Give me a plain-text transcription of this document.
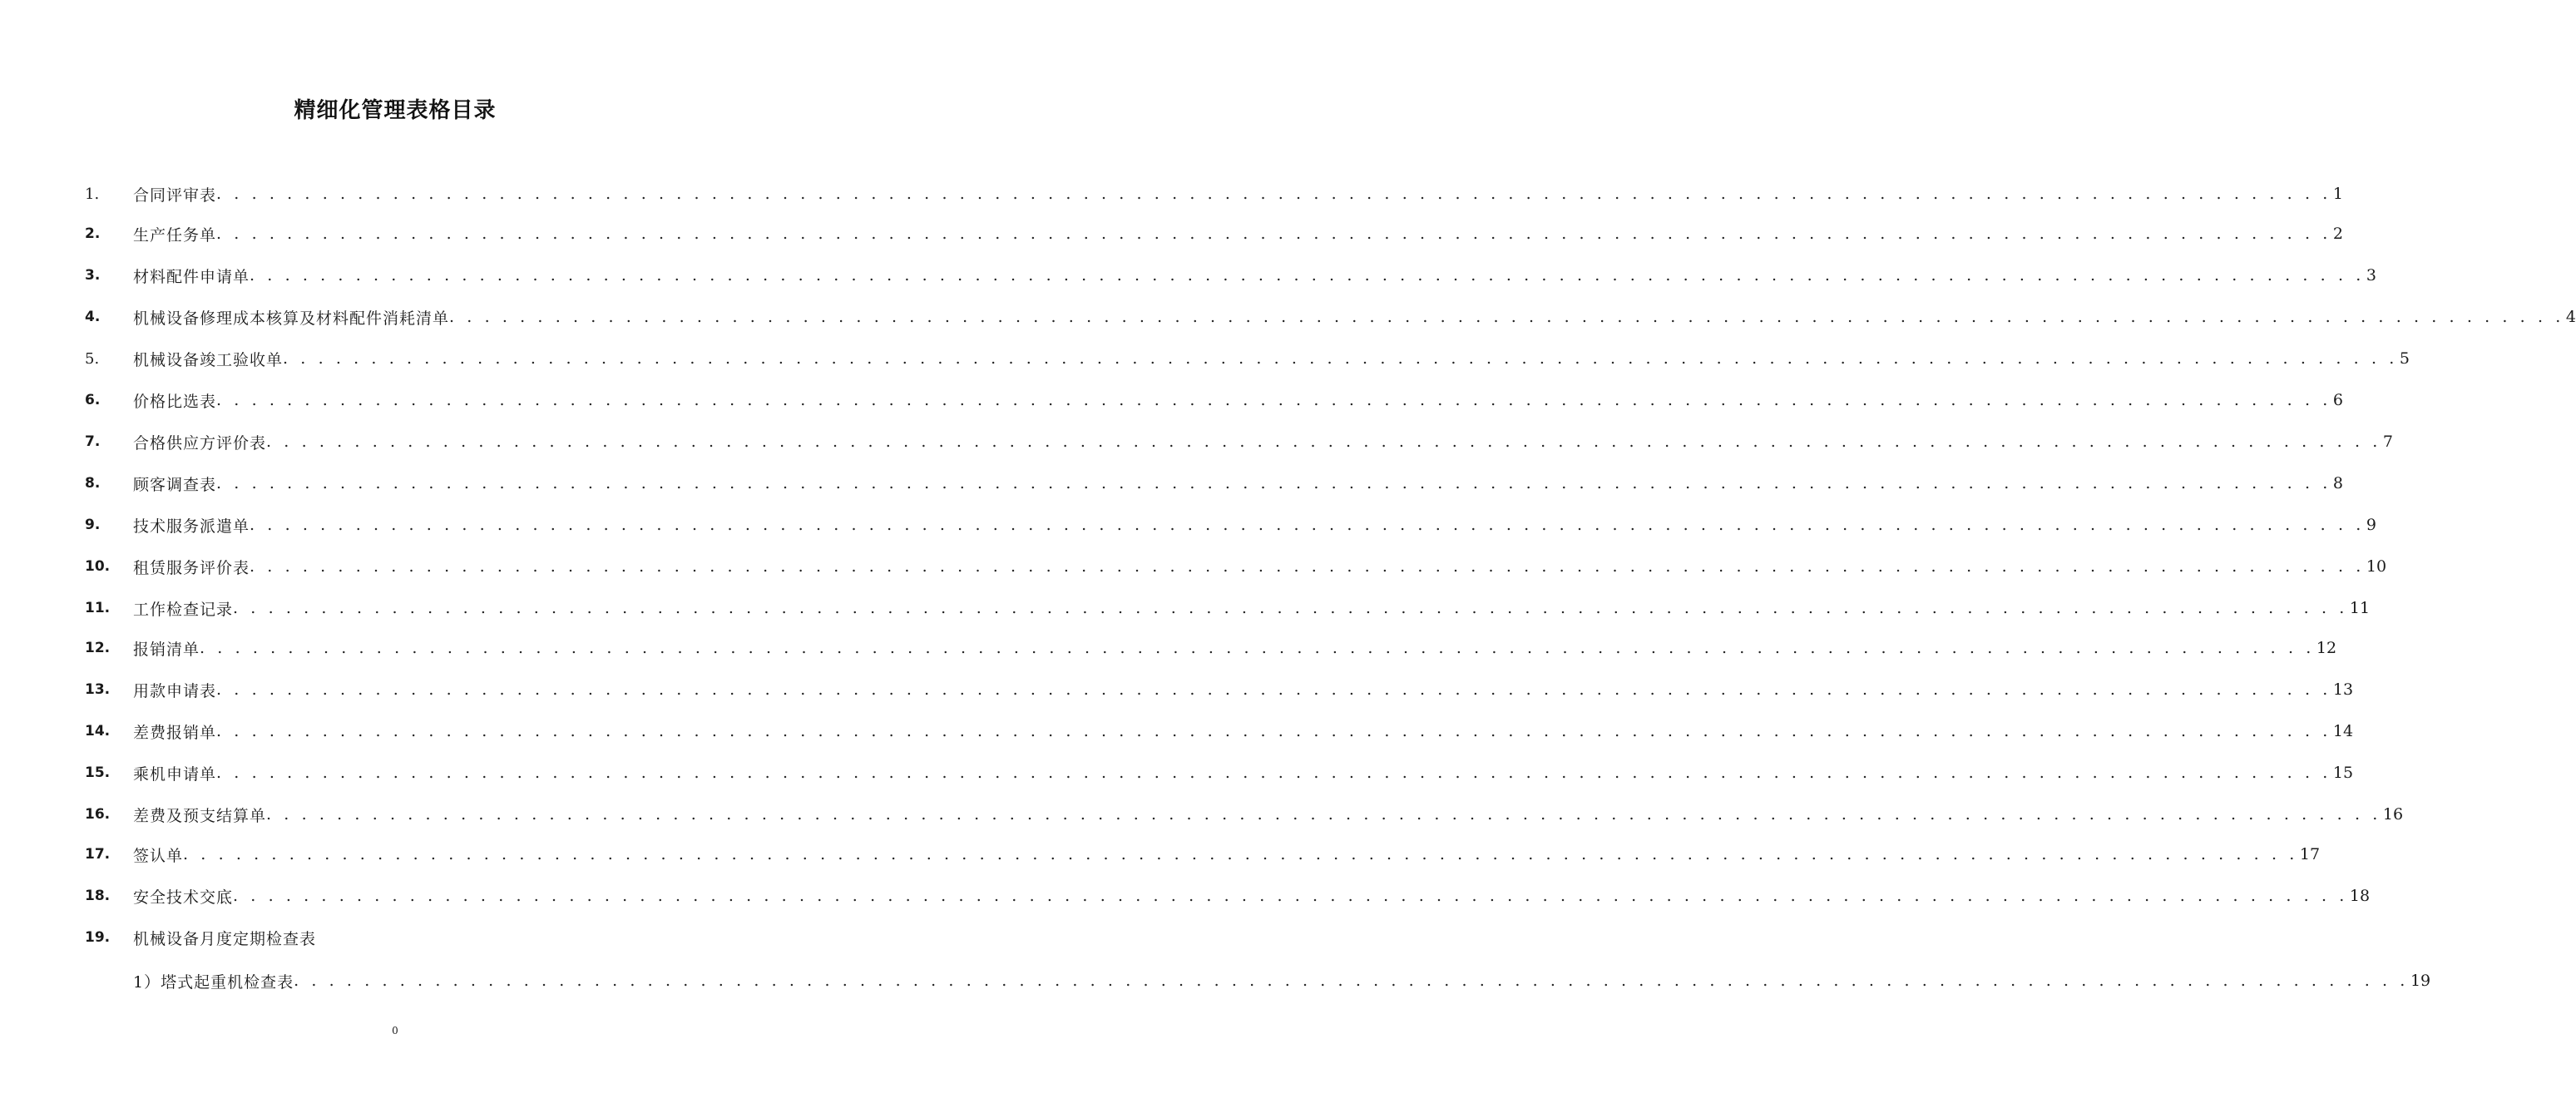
精细化管理表格目录
1.	合同评审表 . . . . . . . . . . . . . . . . . . . . . . . . . . . . . . . . . . . . . . . . . . . . . . . . . . . . . . . . . . . . . . . . . . . . . . . . . . . . . . . . . . . . . . . . . . . . . . . . . . . . . . . . . . . . . . . . . . . . . . . . 1
2.	生产任务单 . . . . . . . . . . . . . . . . . . . . . . . . . . . . . . . . . . . . . . . . . . . . . . . . . . . . . . . . . . . . . . . . . . . . . . . . . . . . . . . . . . . . . . . . . . . . . . . . . . . . . . . . . . . . . . . . . . . . . . . . 2
3.	材料配件申请单 . . . . . . . . . . . . . . . . . . . . . . . . . . . . . . . . . . . . . . . . . . . . . . . . . . . . . . . . . . . . . . . . . . . . . . . . . . . . . . . . . . . . . . . . . . . . . . . . . . . . . . . . . . . . . . . . . . . . . . . . 3
4.	机械设备修理成本核算及材料配件消耗清单 . . . . . . . . . . . . . . . . . . . . . . . . . . . . . . . . . . . . . . . . . . . . . . . . . . . . . . . . . . . . . . . . . . . . . . . . . . . . . . . . . . . . . . . . . . . . . . . . . . . . . . . . . . . . . . . . . . . . . . . . 4
5.	机械设备竣工验收单 . . . . . . . . . . . . . . . . . . . . . . . . . . . . . . . . . . . . . . . . . . . . . . . . . . . . . . . . . . . . . . . . . . . . . . . . . . . . . . . . . . . . . . . . . . . . . . . . . . . . . . . . . . . . . . . . . . . . . . . . 5
6.	价格比选表 . . . . . . . . . . . . . . . . . . . . . . . . . . . . . . . . . . . . . . . . . . . . . . . . . . . . . . . . . . . . . . . . . . . . . . . . . . . . . . . . . . . . . . . . . . . . . . . . . . . . . . . . . . . . . . . . . . . . . . . . 6
7.	合格供应方评价表 . . . . . . . . . . . . . . . . . . . . . . . . . . . . . . . . . . . . . . . . . . . . . . . . . . . . . . . . . . . . . . . . . . . . . . . . . . . . . . . . . . . . . . . . . . . . . . . . . . . . . . . . . . . . . . . . . . . . . . . . 7
8.	顾客调查表 . . . . . . . . . . . . . . . . . . . . . . . . . . . . . . . . . . . . . . . . . . . . . . . . . . . . . . . . . . . . . . . . . . . . . . . . . . . . . . . . . . . . . . . . . . . . . . . . . . . . . . . . . . . . . . . . . . . . . . . . 8
9.	技术服务派遣单 . . . . . . . . . . . . . . . . . . . . . . . . . . . . . . . . . . . . . . . . . . . . . . . . . . . . . . . . . . . . . . . . . . . . . . . . . . . . . . . . . . . . . . . . . . . . . . . . . . . . . . . . . . . . . . . . . . . . . . . . 9
10.	租赁服务评价表 . . . . . . . . . . . . . . . . . . . . . . . . . . . . . . . . . . . . . . . . . . . . . . . . . . . . . . . . . . . . . . . . . . . . . . . . . . . . . . . . . . . . . . . . . . . . . . . . . . . . . . . . . . . . . . . . . . . . . . . . 10
11.	工作检查记录 . . . . . . . . . . . . . . . . . . . . . . . . . . . . . . . . . . . . . . . . . . . . . . . . . . . . . . . . . . . . . . . . . . . . . . . . . . . . . . . . . . . . . . . . . . . . . . . . . . . . . . . . . . . . . . . . . . . . . . . . 11
12.	报销清单 . . . . . . . . . . . . . . . . . . . . . . . . . . . . . . . . . . . . . . . . . . . . . . . . . . . . . . . . . . . . . . . . . . . . . . . . . . . . . . . . . . . . . . . . . . . . . . . . . . . . . . . . . . . . . . . . . . . . . . . . 12
13.	用款申请表 . . . . . . . . . . . . . . . . . . . . . . . . . . . . . . . . . . . . . . . . . . . . . . . . . . . . . . . . . . . . . . . . . . . . . . . . . . . . . . . . . . . . . . . . . . . . . . . . . . . . . . . . . . . . . . . . . . . . . . . . 13
14.	差费报销单 . . . . . . . . . . . . . . . . . . . . . . . . . . . . . . . . . . . . . . . . . . . . . . . . . . . . . . . . . . . . . . . . . . . . . . . . . . . . . . . . . . . . . . . . . . . . . . . . . . . . . . . . . . . . . . . . . . . . . . . . 14
15.	乘机申请单 . . . . . . . . . . . . . . . . . . . . . . . . . . . . . . . . . . . . . . . . . . . . . . . . . . . . . . . . . . . . . . . . . . . . . . . . . . . . . . . . . . . . . . . . . . . . . . . . . . . . . . . . . . . . . . . . . . . . . . . . 15
16.	差费及预支结算单 . . . . . . . . . . . . . . . . . . . . . . . . . . . . . . . . . . . . . . . . . . . . . . . . . . . . . . . . . . . . . . . . . . . . . . . . . . . . . . . . . . . . . . . . . . . . . . . . . . . . . . . . . . . . . . . . . . . . . . . . 16
17.	签认单 . . . . . . . . . . . . . . . . . . . . . . . . . . . . . . . . . . . . . . . . . . . . . . . . . . . . . . . . . . . . . . . . . . . . . . . . . . . . . . . . . . . . . . . . . . . . . . . . . . . . . . . . . . . . . . . . . . . . . . . . 17
18.	安全技术交底 . . . . . . . . . . . . . . . . . . . . . . . . . . . . . . . . . . . . . . . . . . . . . . . . . . . . . . . . . . . . . . . . . . . . . . . . . . . . . . . . . . . . . . . . . . . . . . . . . . . . . . . . . . . . . . . . . . . . . . . . 18
19.	机械设备月度定期检查表
1）塔式起重机检查表 . . . . . . . . . . . . . . . . . . . . . . . . . . . . . . . . . . . . . . . . . . . . . . . . . . . . . . . . . . . . . . . . . . . . . . . . . . . . . . . . . . . . . . . . . . . . . . . . . . . . . . . . . . . . . . . . . . . . . . . . 19
0
